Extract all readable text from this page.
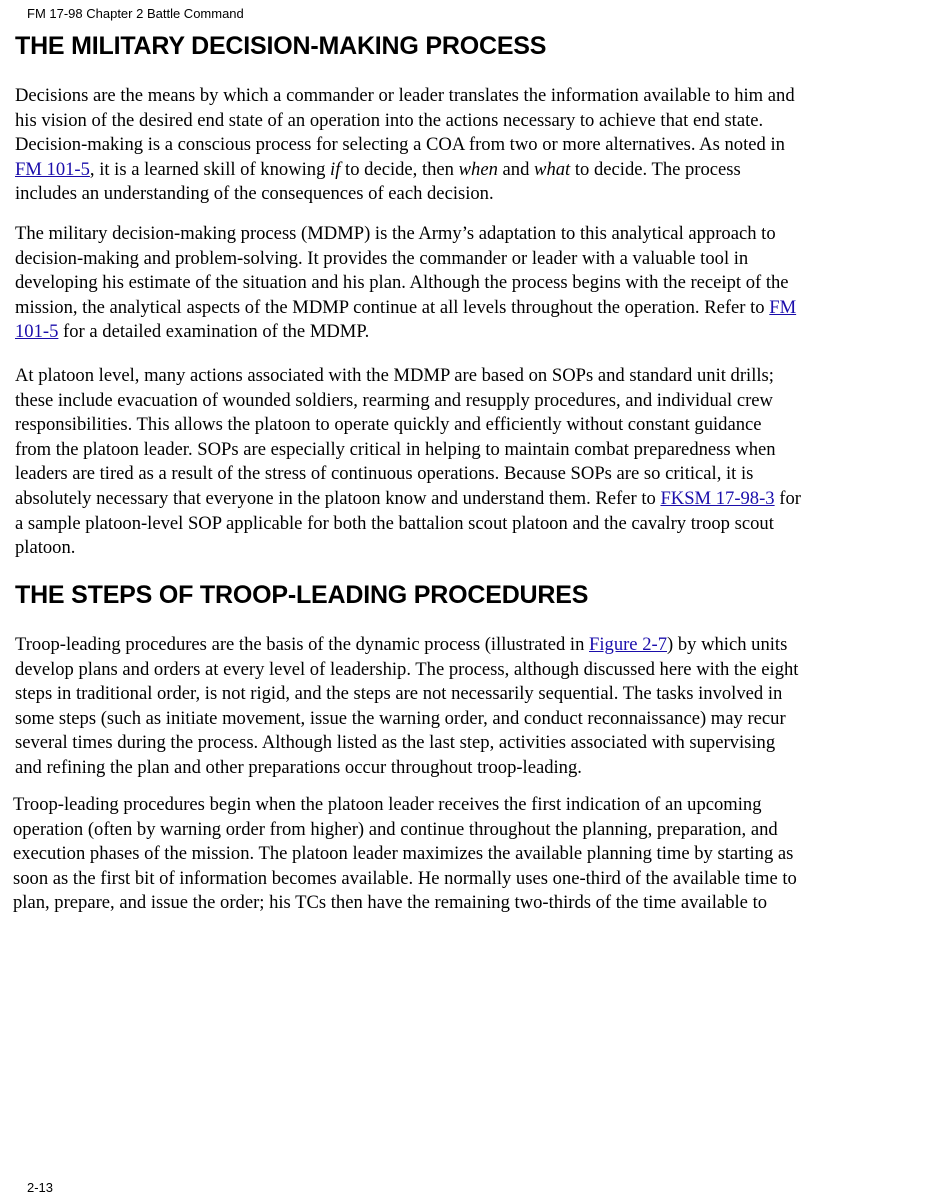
FM 17-98 Chapter 2 Battle Command
THE MILITARY DECISION-MAKING PROCESS
Decisions are the means by which a commander or leader translates the information available to him and
his vision of the desired end state of an operation into the actions necessary to achieve that end state.
Decision-making is a conscious process for selecting a COA from two or more alternatives. As noted in
FM 101-5, it is a learned skill of knowing if to decide, then when and what to decide. The process
includes an understanding of the consequences of each decision.
The military decision-making process (MDMP) is the Army’s adaptation to this analytical approach to
decision-making and problem-solving. It provides the commander or leader with a valuable tool in
developing his estimate of the situation and his plan. Although the process begins with the receipt of the
mission, the analytical aspects of the MDMP continue at all levels throughout the operation. Refer to FM
101-5 for a detailed examination of the MDMP.
At platoon level, many actions associated with the MDMP are based on SOPs and standard unit drills;
these include evacuation of wounded soldiers, rearming and resupply procedures, and individual crew
responsibilities. This allows the platoon to operate quickly and efficiently without constant guidance
from the platoon leader. SOPs are especially critical in helping to maintain combat preparedness when
leaders are tired as a result of the stress of continuous operations. Because SOPs are so critical, it is
absolutely necessary that everyone in the platoon know and understand them. Refer to FKSM 17-98-3 for
a sample platoon-level SOP applicable for both the battalion scout platoon and the cavalry troop scout
platoon.
THE STEPS OF TROOP-LEADING PROCEDURES
Troop-leading procedures are the basis of the dynamic process (illustrated in Figure 2-7) by which units
develop plans and orders at every level of leadership. The process, although discussed here with the eight
steps in traditional order, is not rigid, and the steps are not necessarily sequential. The tasks involved in
some steps (such as initiate movement, issue the warning order, and conduct reconnaissance) may recur
several times during the process. Although listed as the last step, activities associated with supervising
and refining the plan and other preparations occur throughout troop-leading.
Troop-leading procedures begin when the platoon leader receives the first indication of an upcoming
operation (often by warning order from higher) and continue throughout the planning, preparation, and
execution phases of the mission. The platoon leader maximizes the available planning time by starting as
soon as the first bit of information becomes available. He normally uses one-third of the available time to
plan, prepare, and issue the order; his TCs then have the remaining two-thirds of the time available to
2-13
